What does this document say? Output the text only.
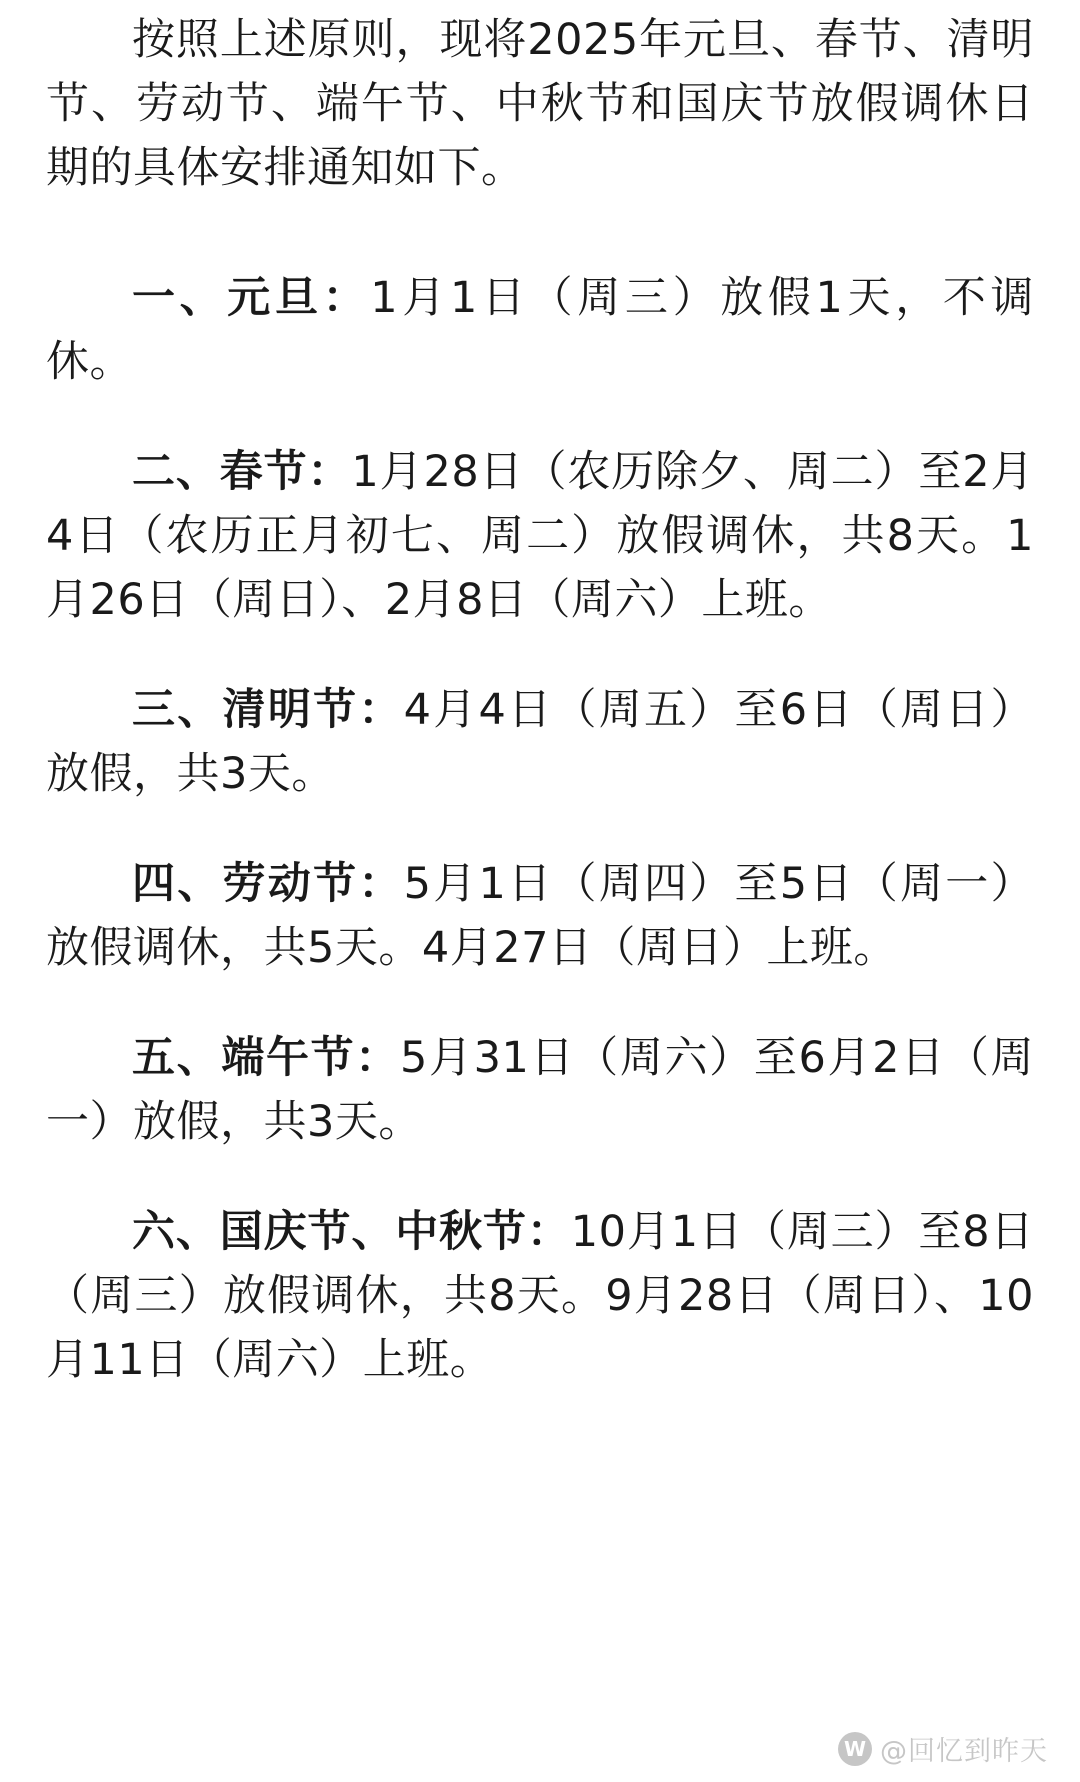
按照上述原则，现将2025年元旦、春节、清明节、劳动节、端午节、中秋节和国庆节放假调休日期的具体安排通知如下。

一、元旦：1月1日（周三）放假1天，不调休。

二、春节：1月28日（农历除夕、周二）至2月4日（农历正月初七、周二）放假调休，共8天。1月26日（周日）、2月8日（周六）上班。

三、清明节：4月4日（周五）至6日（周日）放假，共3天。

四、劳动节：5月1日（周四）至5日（周一）放假调休，共5天。4月27日（周日）上班。

五、端午节：5月31日（周六）至6月2日（周一）放假，共3天。

六、国庆节、中秋节：10月1日（周三）至8日（周三）放假调休，共8天。9月28日（周日）、10月11日（周六）上班。

W @回忆到昨天
